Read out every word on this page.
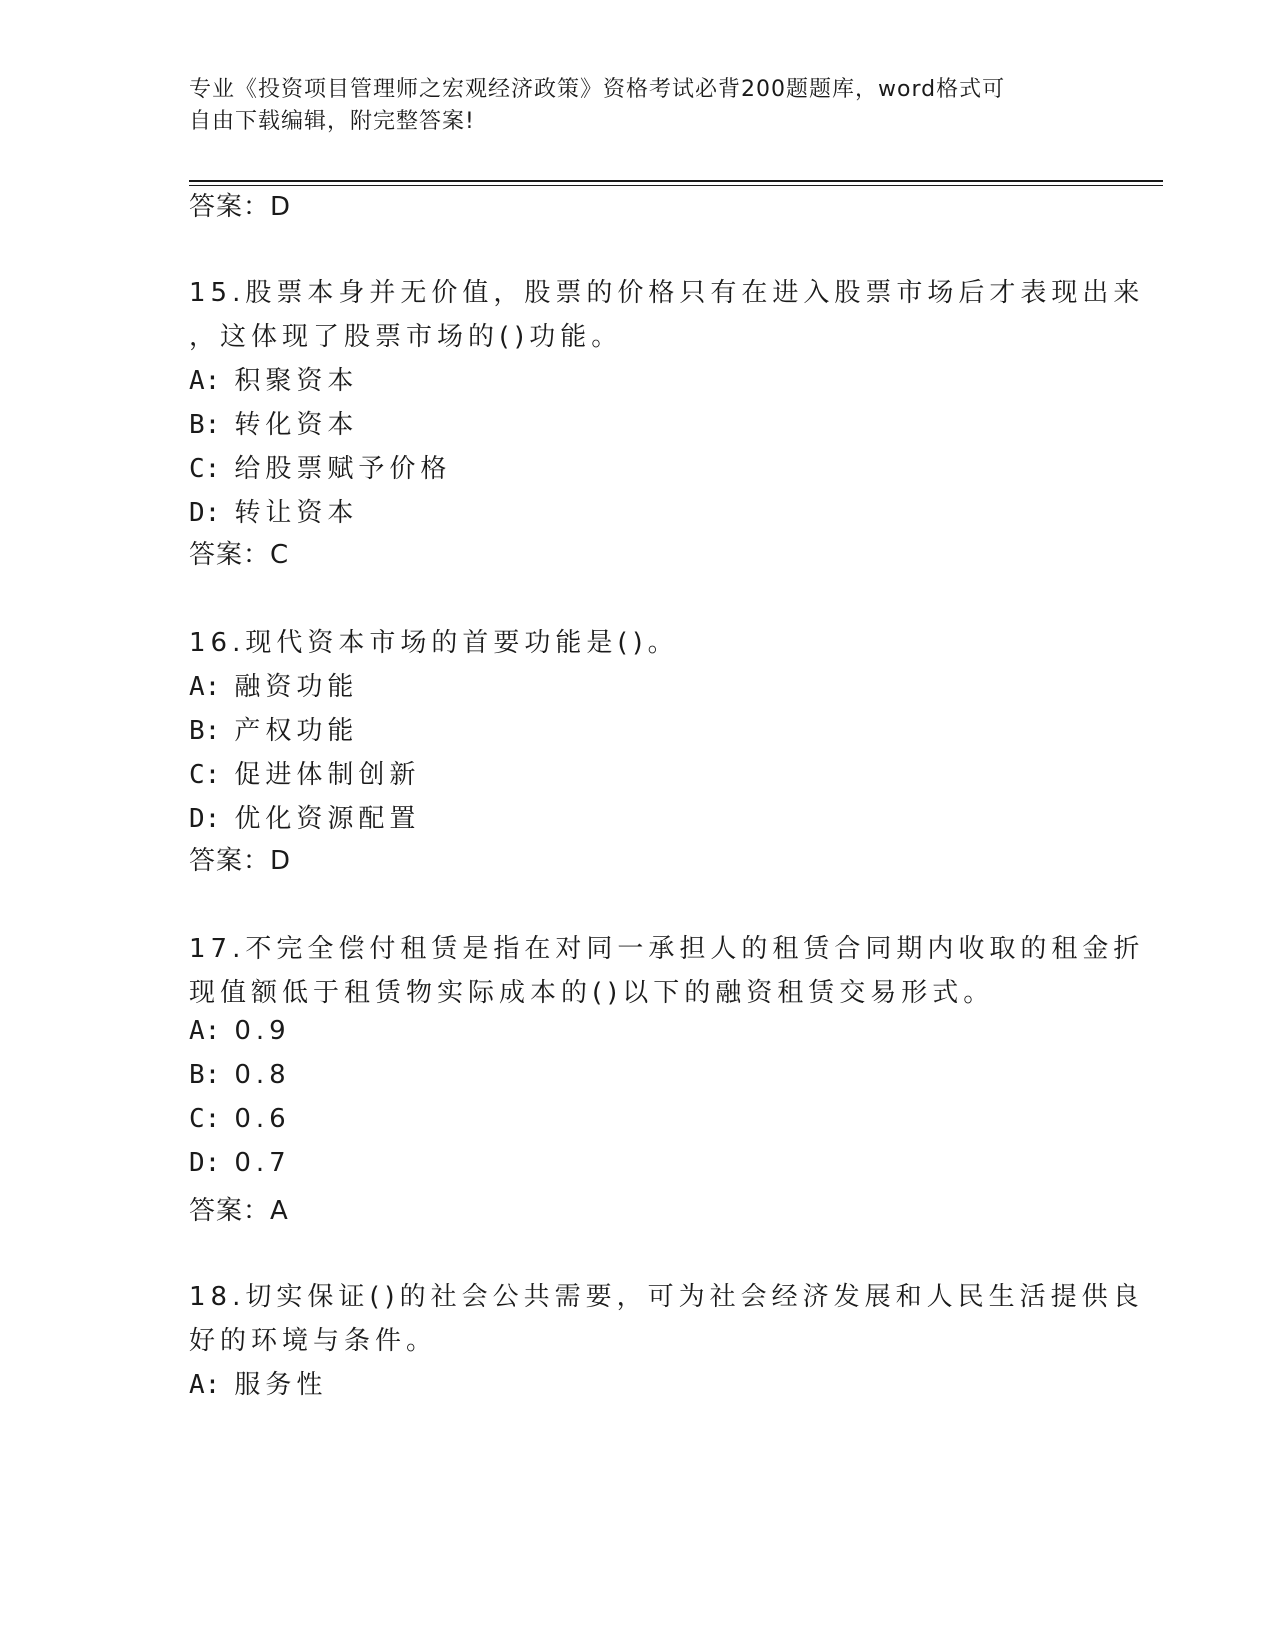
专业《投资项目管理师之宏观经济政策》资格考试必背200题题库，word格式可
自由下载编辑，附完整答案!
答案：D
15.股票本身并无价值，股票的价格只有在进入股票市场后才表现出来
，这体现了股票市场的()功能。
A: 积聚资本
B: 转化资本
C: 给股票赋予价格
D: 转让资本
答案：C
16.现代资本市场的首要功能是()。
A: 融资功能
B: 产权功能
C: 促进体制创新
D: 优化资源配置
答案：D
17.不完全偿付租赁是指在对同一承担人的租赁合同期内收取的租金折
现值额低于租赁物实际成本的()以下的融资租赁交易形式。
A: 0.9
B: 0.8
C: 0.6
D: 0.7
答案：A
18.切实保证()的社会公共需要，可为社会经济发展和人民生活提供良
好的环境与条件。
A: 服务性
